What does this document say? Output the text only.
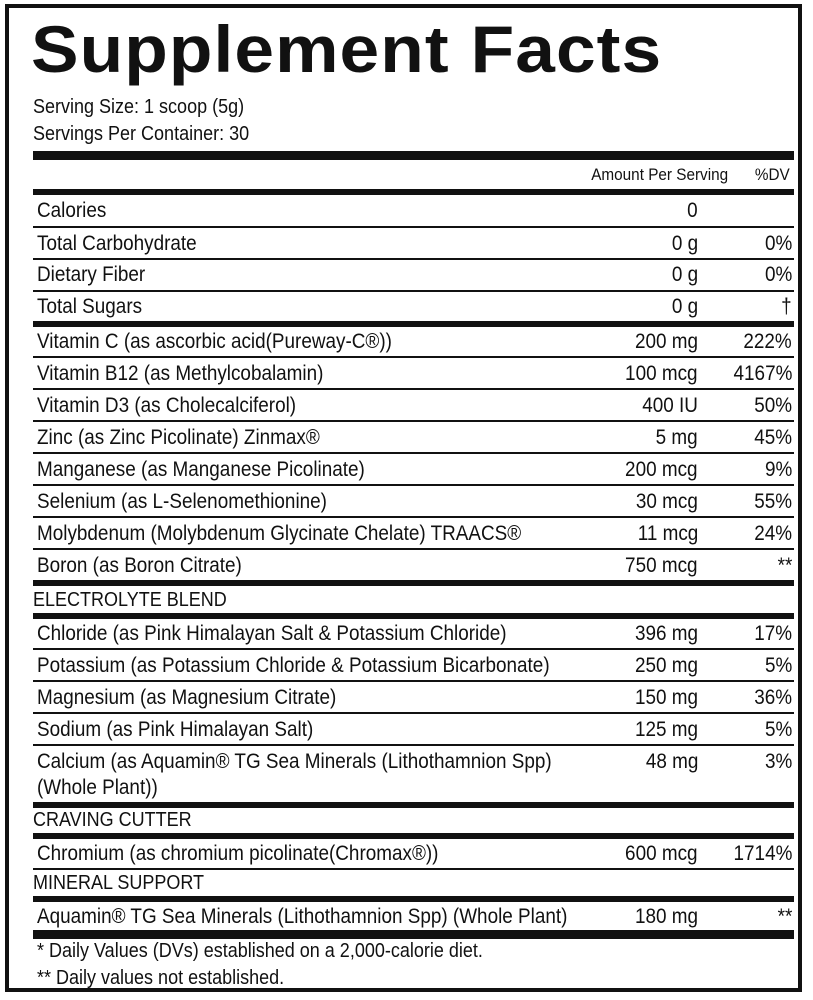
Supplement Facts
Serving Size: 1 scoop (5g)
Servings Per Container: 30
Amount Per Serving %DV
Calories	0
Total Carbohydrate	0 g	0%
Dietary Fiber	0 g	0%
Total Sugars	0 g	†
Vitamin C (as ascorbic acid(Pureway-C®))	200 mg 222%
Vitamin B12 (as Methylcobalamin)	100 mcg 4167%
Vitamin D3 (as Cholecalciferol)	400 IU	50%
Zinc (as Zinc Picolinate) Zinmax®	5 mg	45%
Manganese (as Manganese Picolinate)	200 mcg	9%
Selenium (as L-Selenomethionine)	30 mcg	55%
Molybdenum (Molybdenum Glycinate Chelate) TRAACS®	11 mcg	24%
Boron (as Boron Citrate)	750 mcg	**
ELECTROLYTE BLEND
Chloride (as Pink Himalayan Salt & Potassium Chloride)	396 mg	17%
Potassium (as Potassium Chloride & Potassium Bicarbonate)	250 mg	5%
Magnesium (as Magnesium Citrate)	150 mg	36%
Sodium (as Pink Himalayan Salt)	125 mg	5%
Calcium (as Aquamin® TG Sea Minerals (Lithothamnion Spp)
(Whole Plant))
48 mg	3%
CRAVING CUTTER
Chromium (as chromium picolinate(Chromax®))	600 mcg 1714%
MINERAL SUPPORT
Aquamin® TG Sea Minerals (Lithothamnion Spp) (Whole Plant)	180 mg	**
* Daily Values (DVs) established on a 2,000-calorie diet.
** Daily values not established.
